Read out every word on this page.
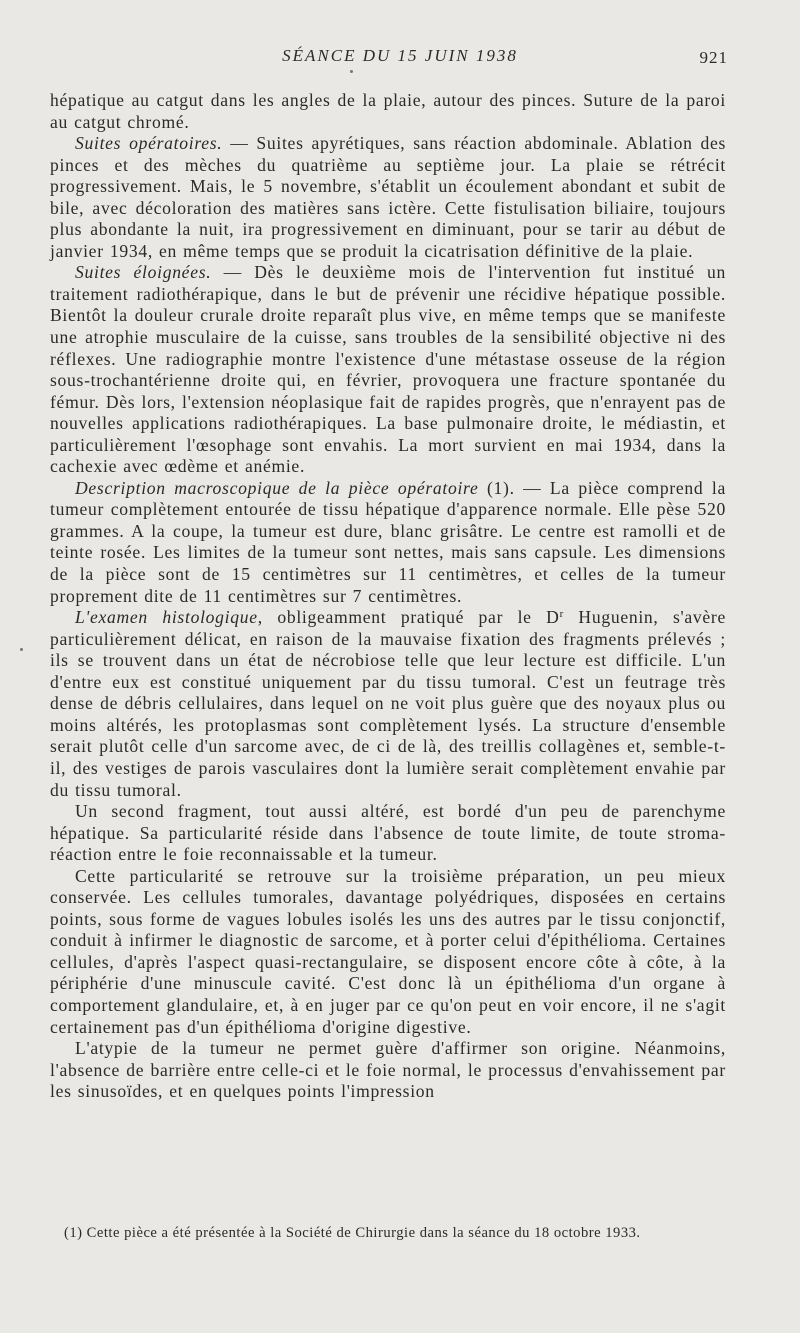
SÉANCE DU 15 JUIN 1938	921

hépatique au catgut dans les angles de la plaie, autour des pinces. Suture de la paroi au catgut chromé.

Suites opératoires. — Suites apyrétiques, sans réaction abdominale. Ablation des pinces et des mèches du quatrième au septième jour. La plaie se rétrécit progressivement. Mais, le 5 novembre, s'établit un écoulement abondant et subit de bile, avec décoloration des matières sans ictère. Cette fistulisation biliaire, toujours plus abondante la nuit, ira progressivement en diminuant, pour se tarir au début de janvier 1934, en même temps que se produit la cicatrisation définitive de la plaie.

Suites éloignées. — Dès le deuxième mois de l'intervention fut institué un traitement radiothérapique, dans le but de prévenir une récidive hépatique possible. Bientôt la douleur crurale droite reparaît plus vive, en même temps que se manifeste une atrophie musculaire de la cuisse, sans troubles de la sensibilité objective ni des réflexes. Une radiographie montre l'existence d'une métastase osseuse de la région sous-trochantérienne droite qui, en février, provoquera une fracture spontanée du fémur. Dès lors, l'extension néoplasique fait de rapides progrès, que n'enrayent pas de nouvelles applications radiothérapiques. La base pulmonaire droite, le médiastin, et particulièrement l'œsophage sont envahis. La mort survient en mai 1934, dans la cachexie avec œdème et anémie.

Description macroscopique de la pièce opératoire (1). — La pièce comprend la tumeur complètement entourée de tissu hépatique d'apparence normale. Elle pèse 520 grammes. A la coupe, la tumeur est dure, blanc grisâtre. Le centre est ramolli et de teinte rosée. Les limites de la tumeur sont nettes, mais sans capsule. Les dimensions de la pièce sont de 15 centimètres sur 11 centimètres, et celles de la tumeur proprement dite de 11 centimètres sur 7 centimètres.

L'examen histologique, obligeamment pratiqué par le $D^r$ Huguenin, s'avère particulièrement délicat, en raison de la mauvaise fixation des fragments prélevés ; ils se trouvent dans un état de nécrobiose telle que leur lecture est difficile. L'un d'entre eux est constitué uniquement par du tissu tumoral. C'est un feutrage très dense de débris cellulaires, dans lequel on ne voit plus guère que des noyaux plus ou moins altérés, les protoplasmas sont complètement lysés. La structure d'ensemble serait plutôt celle d'un sarcome avec, de ci de là, des treillis collagènes et, semble-t-il, des vestiges de parois vasculaires dont la lumière serait complètement envahie par du tissu tumoral.

Un second fragment, tout aussi altéré, est bordé d'un peu de parenchyme hépatique. Sa particularité réside dans l'absence de toute limite, de toute stroma-réaction entre le foie reconnaissable et la tumeur.

Cette particularité se retrouve sur la troisième préparation, un peu mieux conservée. Les cellules tumorales, davantage polyédriques, disposées en certains points, sous forme de vagues lobules isolés les uns des autres par le tissu conjonctif, conduit à infirmer le diagnostic de sarcome, et à porter celui d'épithélioma. Certaines cellules, d'après l'aspect quasi-rectangulaire, se disposent encore côte à côte, à la périphérie d'une minuscule cavité. C'est donc là un épithélioma d'un organe à comportement glandulaire, et, à en juger par ce qu'on peut en voir encore, il ne s'agit certainement pas d'un épithélioma d'origine digestive.

L'atypie de la tumeur ne permet guère d'affirmer son origine. Néanmoins, l'absence de barrière entre celle-ci et le foie normal, le processus d'envahissement par les sinusoïdes, et en quelques points l'impression

(1) Cette pièce a été présentée à la Société de Chirurgie dans la séance du 18 octobre 1933.
